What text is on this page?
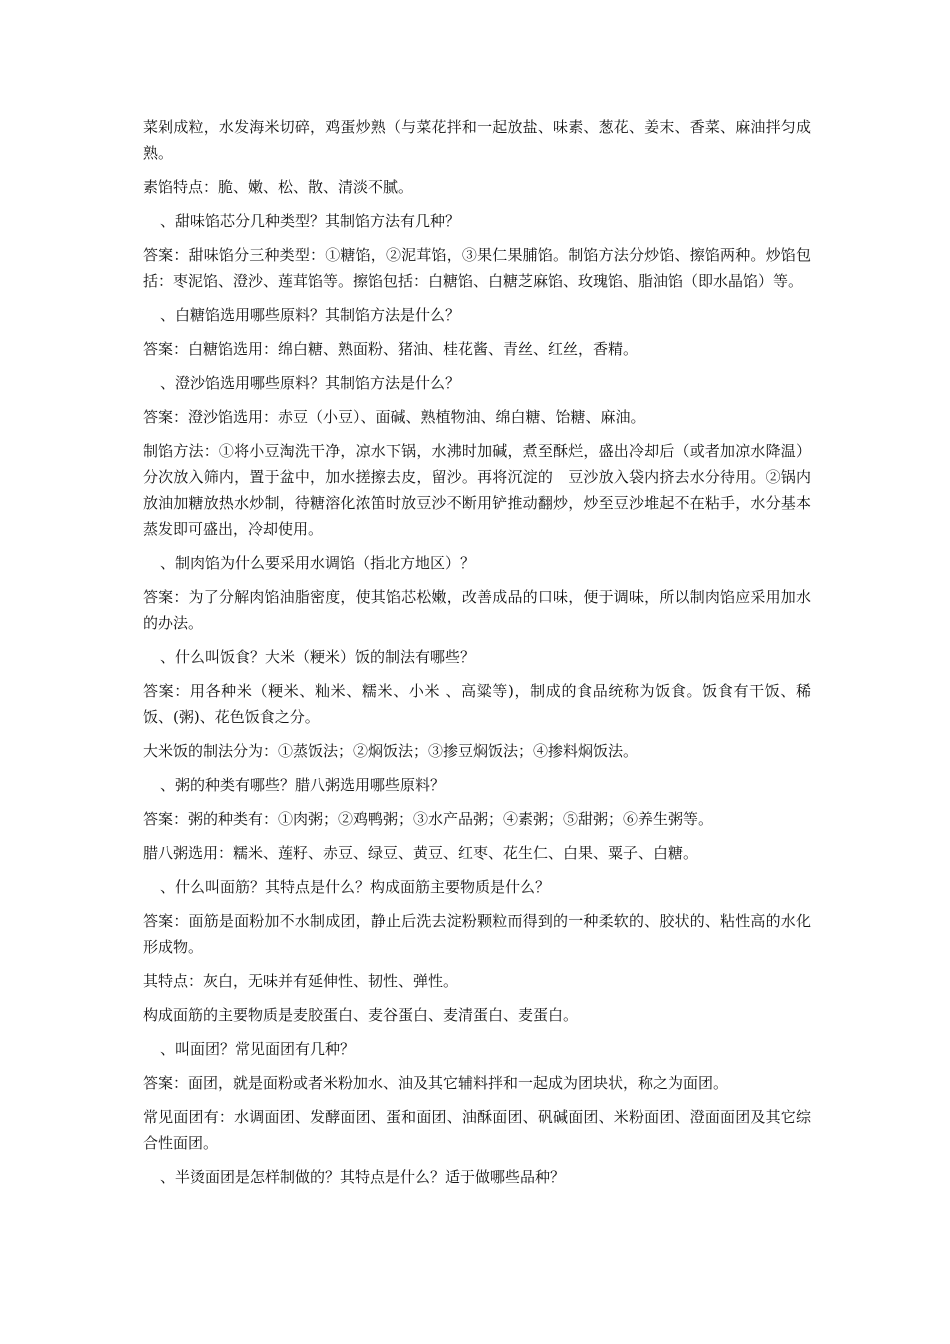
菜剁成粒，水发海米切碎，鸡蛋炒熟（与菜花拌和一起放盐、味素、葱花、姜末、香菜、麻油拌匀成熟。

素馅特点：脆、嫩、松、散、清淡不腻。

、甜味馅芯分几种类型？其制馅方法有几种？

答案：甜味馅分三种类型：①糖馅，②泥茸馅，③果仁果脯馅。制馅方法分炒馅、擦馅两种。炒馅包括：枣泥馅、澄沙、莲茸馅等。擦馅包括：白糖馅、白糖芝麻馅、玫瑰馅、脂油馅（即水晶馅）等。

、白糖馅选用哪些原料？其制馅方法是什么？

答案：白糖馅选用：绵白糖、熟面粉、猪油、桂花酱、青丝、红丝，香精。

、澄沙馅选用哪些原料？其制馅方法是什么？

答案：澄沙馅选用：赤豆（小豆）、面碱、熟植物油、绵白糖、饴糖、麻油。

制馅方法：①将小豆淘洗干净，凉水下锅，水沸时加碱，煮至酥烂，盛出冷却后（或者加凉水降温）分次放入筛内，置于盆中，加水搓擦去皮，留沙。再将沉淀的　豆沙放入袋内挤去水分待用。②锅内放油加糖放热水炒制，待糖溶化浓笛时放豆沙不断用铲推动翻炒，炒至豆沙堆起不在粘手，水分基本蒸发即可盛出，冷却使用。

、制肉馅为什么要采用水调馅（指北方地区）？

答案：为了分解肉馅油脂密度，使其馅芯松嫩，改善成品的口味，便于调味，所以制肉馅应采用加水的办法。

、什么叫饭食？大米（粳米）饭的制法有哪些？

答案：用各种米（粳米、籼米、糯米、小米 、高粱等)，制成的食品统称为饭食。饭食有干饭、稀饭、(粥)、花色饭食之分。

大米饭的制法分为：①蒸饭法；②焖饭法；③掺豆焖饭法；④掺料焖饭法。

、粥的种类有哪些？腊八粥选用哪些原料？

答案：粥的种类有：①肉粥；②鸡鸭粥；③水产品粥；④素粥；⑤甜粥；⑥养生粥等。

腊八粥选用：糯米、莲籽、赤豆、绿豆、黄豆、红枣、花生仁、白果、粟子、白糖。

、什么叫面筋？其特点是什么？构成面筋主要物质是什么？

答案：面筋是面粉加不水制成团，静止后洗去淀粉颗粒而得到的一种柔软的、胶状的、粘性高的水化形成物。

其特点：灰白，无味并有延伸性、韧性、弹性。

构成面筋的主要物质是麦胶蛋白、麦谷蛋白、麦清蛋白、麦蛋白。

、叫面团？常见面团有几种？

答案：面团，就是面粉或者米粉加水、油及其它辅料拌和一起成为团块状，称之为面团。

常见面团有：水调面团、发酵面团、蛋和面团、油酥面团、矾碱面团、米粉面团、澄面面团及其它综合性面团。

、半烫面团是怎样制做的？其特点是什么？适于做哪些品种？
